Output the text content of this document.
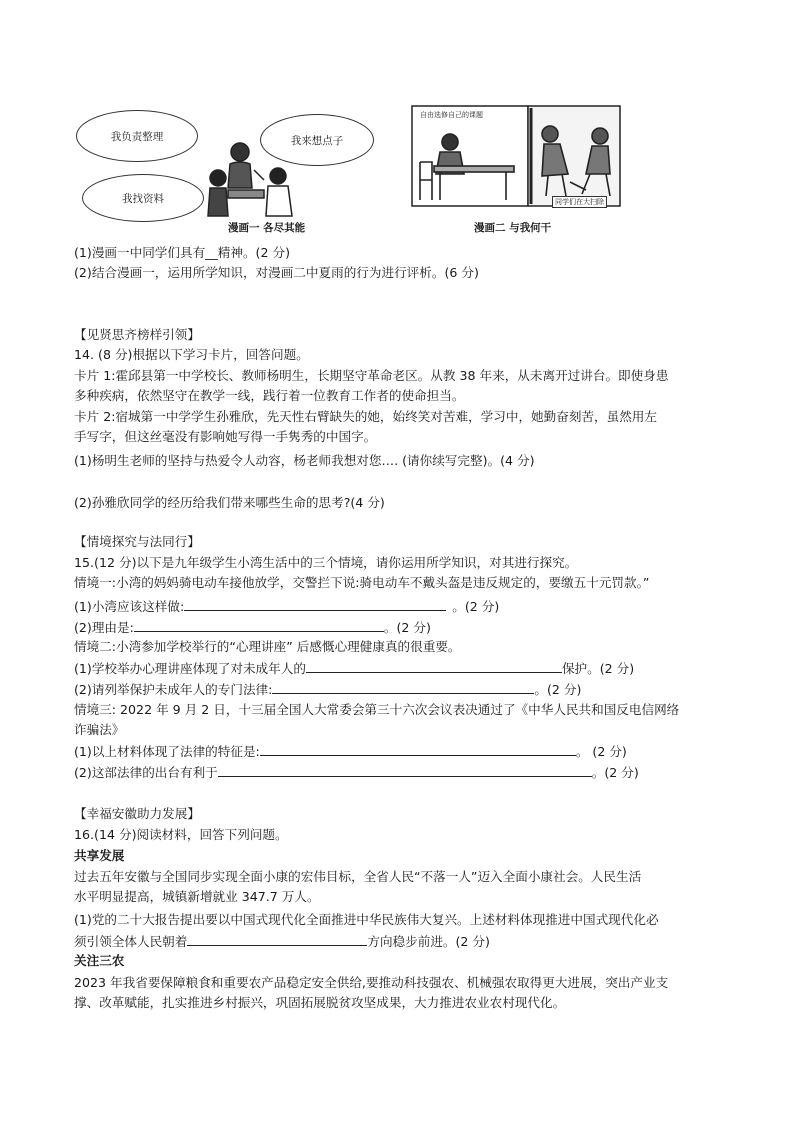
我负责整理	我来想点子
我找资料
漫画一 各尽其能
自由选修自己的课题
同学们在大扫除
漫画二 与我何干
(1)漫画一中同学们具有__精神。(2 分)
(2)结合漫画一，运用所学知识，对漫画二中夏雨的行为进行评析。(6 分)
【见贤思齐榜样引领】
14. (8 分)根据以下学习卡片，回答问题。
卡片 1:霍邱县第一中学校长、教师杨明生，长期坚守革命老区。从教 38 年来，从未离开过讲台。即使身患
多种疾病，依然坚守在教学一线，践行着一位教育工作者的使命担当。
卡片 2:宿城第一中学学生孙雅欣，先天性右臂缺失的她，始终笑对苦难，学习中，她勤奋刻苦，虽然用左
手写字，但这丝毫没有影响她写得一手隽秀的中国字。
(1)杨明生老师的坚持与热爱令人动容，杨老师我想对您…. (请你续写完整)。(4 分)
(2)孙雅欣同学的经历给我们带来哪些生命的思考?(4 分)
【情境探究与法同行】
15.(12 分)以下是九年级学生小湾生活中的三个情境，请你运用所学知识，对其进行探究。
情境一:小湾的妈妈骑电动车接他放学，交警拦下说:骑电动车不戴头盔是违反规定的，要缴五十元罚款。”
(1)小湾应该这样做:	。(2 分)
(2)理由是:	。(2 分)
情境二:小湾参加学校举行的“心理讲座” 后感慨心理健康真的很重要。
(1)学校举办心理讲座体现了对未成年人的	保护。(2 分)
(2)请列举保护未成年人的专门法律:	。(2 分)
情境三: 2022 年 9 月 2 日，十三届全国人大常委会第三十六次会议表决通过了《中华人民共和国反电信网络
诈骗法》
(1)以上材料体现了法律的特征是:	。 (2 分)
(2)这部法律的出台有利于	。(2 分)
【幸福安徽助力发展】
16.(14 分)阅读材料，回答下列问题。
共享发展
过去五年安徽与全国同步实现全面小康的宏伟目标，全省人民“不落一人”迈入全面小康社会。人民生活
水平明显提高，城镇新增就业 347.7 万人。
(1)党的二十大报告提出要以中国式现代化全面推进中华民族伟大复兴。上述材料体现推进中国式现代化必
须引领全体人民朝着	方向稳步前进。(2 分)
关注三农
2023 年我省要保障粮食和重要农产品稳定安全供给,要推动科技强农、机械强农取得更大进展，突出产业支
撑、改革赋能，扎实推进乡村振兴，巩固拓展脱贫攻坚成果，大力推进农业农村现代化。
